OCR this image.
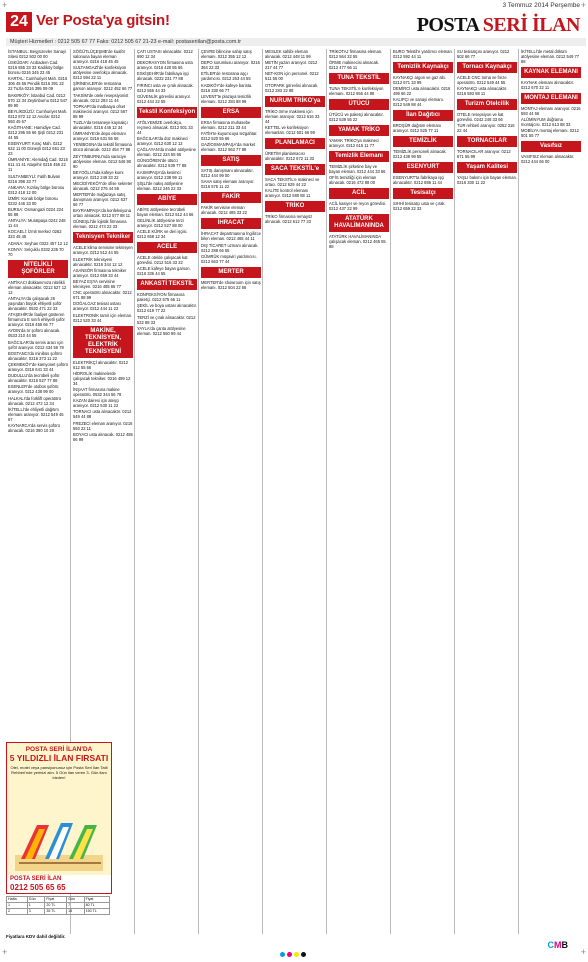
+	+
24 Ver Posta'ya gitsin!
3 Temmuz 2014 Perşembe
POSTA SERİ İLAN
Müşteri Hizmetleri : 0212 505 67 77 Faks: 0212 505 67 21-23 e-mail: postaseriilan@posta.com.tr

İSTANBUL: Beşyüzevler Sanayi Sitesi 0212 502 00 00

ÜSKÜDAR: Acıbadem Cad. 0216 555 33 33 Kadıköy bölge bürosu 0216 345 23 45

KARTAL: Cumhuriyet Mah. 0216 306 45 56 Pendik 0216 391 22 22 Tuzla 0216 395 09 09

BAKIRKÖY: İstanbul Cad. 0212 570 12 34 Zeytinburnu 0212 547 89 90

BEYLİKDÜZÜ: Cumhuriyet Mah. 0212 872 12 12 Avcılar 0212 593 45 67

KAĞITHANE: Hamidiye Cad. 0212 295 55 66 Şişli 0212 231 44 55

ESENYURT: Kıraç Mah. 0212 622 11 00 Güneşli 0212 651 23 23

ÜMRANİYE: Alemdağ Cad. 0216 611 41 41 Ataşehir 0216 456 22 11

SULTANBEYLİ: Fatih Bulvarı 0216 398 33 77

ANKARA: Kızılay bölge bürosu 0312 418 12 00

İZMİR: Konak bölge bürosu 0232 446 33 00

BURSA: Osmangazi 0224 224 55 88

ANTALYA: Muratpaşa 0242 248 11 44

KOCAELİ: İzmit merkez 0262 323 45 45

ADANA: Seyhan 0322 457 12 12

KONYA: Selçuklu 0332 235 70 70

NİTELİKLİ ŞOFÖRLER

ANTİKACI dükkanımıza nitelikli eleman alınacaktır. 0212 527 12 12

ANTALYA'da çalışacak 25 yaşından büyük ehliyetli şoför alınacaktır. 0532 471 22 33

ATAŞEHİR'de faaliyet gösteren firmamıza E sınıfı ehliyetli şoför aranıyor. 0216 455 66 77

AYDIN'da tır şoförü alınacak. 0533 210 44 55

BAĞCILAR'da servis aracı için şoför aranıyor. 0212 434 56 78

BOSTANCI'da minibüs şoförü alınacaktır. 0216 373 11 22

ÇEKMEKÖY'de kamyonet şoförü aranıyor. 0216 641 33 44

DUDULLU'da tecrübeli şoför alınacaktır. 0216 527 77 88

ESENLER'de otobüs şoförü aranıyor. 0212 438 99 00

HALKALI'da forklift operatörü alınacak. 0212 472 12 34

İKİTELLİ'de ehliyetli dağıtım elemanı aranıyor. 0212 549 45 67

KAYNARCA'da servis şoförü alınacak. 0216 390 10 20

SÖĞÜTLÜÇEŞME'de kuaför salonuna bayan eleman aranıyor. 0216 418 45 45

SULTANGAZİ'de konfeksiyon atölyesine overlokçu alınacak. 0212 594 22 11

ŞİRİNEVLER'de restorana garson aranıyor. 0212 452 66 77

TAKSİM'de otele resepsiyonist alınacak. 0212 293 11 44

TOPKAPI'da matbaaya ofset makinecisi aranıyor. 0212 567 88 99

TUZLA'da tersaneye kaynakçı alınacaktır. 0216 446 12 34

ÜMRANİYE'de depo elemanı aranıyor. 0216 631 55 66

YENİBOSNA'da tekstil firmasına ütücü alınacak. 0212 454 77 88

ZEYTİNBURNU'nda saraciye atölyesine eleman. 0212 546 90 90

BEYOĞLU'nda kafeye komi aranıyor. 0212 249 33 22

MECİDİYEKÖY'de ofise sekreter alınacak. 0212 275 44 55

MERTER'de mağazaya satış danışmanı aranıyor. 0212 637 66 77

BAYRAMPAŞA'da konfeksiyona ortacı alınacak. 0212 577 88 11

GÜNEŞLİ'de lojistik firmasına eleman. 0212 474 22 33

Teknisyen Tekniker

ACELE klima servisine teknisyen aranıyor. 0212 512 44 55

ELEKTRİK teknisyeni alınacaktır. 0216 344 12 12

ASANSÖR firmasına tekniker aranıyor. 0212 659 33 44

BEYAZ EŞYA servisine teknisyen. 0216 485 66 77

CNC operatörü alınacaktır. 0212 671 88 99

DOĞALGAZ tesisat ustası aranıyor. 0212 444 11 22

ELEKTRONİK tamir için eleman. 0212 520 33 44

MAKİNE, TEKNİSYEN, ELEKTRİK TEKNİSYENİ

ELEKTRİKÇİ alınacaktır. 0212 612 55 66

HİDROLİK makinelerde çalışacak tekniker. 0216 499 12 34

İNŞAAT firmasına makine operatörü. 0532 344 56 78

KAZAN dairesi için ateşçi aranıyor. 0212 530 11 22

TORNACI usta alınacaktır. 0212 549 44 88

FREZECİ eleman aranıyor. 0216 593 22 11

BOYACI usta alınacak. 0212 485 66 99

ÇATI USTASI alınacaktır. 0212 690 12 34

DEKORASYON firmasına usta aranıyor. 0216 420 55 66

ESKİŞEHİR'de fabrikaya işçi alınacak. 0222 231 77 88

FIRINCI usta ve çırak alınacak. 0212 556 44 33

GÜVENLİK görevlisi aranıyor. 0212 444 22 55

Tekstil Konfeksiyon

ATÖLYEMİZE overlokçu, reçmeci alınacak. 0212 501 33 44

BAĞCILAR'da düz makineci aranıyor. 0212 630 12 12

ÇAĞLAYAN'da model atölyesine eleman. 0212 224 55 66

GÜNGÖREN'de ütücü alınacaktır. 0212 539 77 88

KASIMPAŞA'da kesimci aranıyor. 0212 238 99 11

ŞİŞLİ'de nakış atölyesine eleman. 0212 246 22 33

ABİYE

ABİYE atölyesine tecrübeli bayan eleman. 0212 512 44 66

GELİNLİK atölyesine terzi aranıyor. 0212 527 88 00

ACELE KÜRK ve deri işçisi. 0212 658 12 34

ACELE

ACELE otelde çalışacak kat görevlisi. 0212 516 33 22

ACELE kafeye bayan garson. 0216 336 44 55

ANKASTİ TEKSTİL

KONFEKSİYON firmasına paketçi. 0212 575 66 11

ŞEKİL ve boya ustası alınacaktır. 0212 619 77 22

TERZİ ve çırak alınacaktır. 0212 522 88 33

YAYLA'da çanta atölyesine eleman. 0212 550 99 44

ÇEVRE bilincine sahip satış elemanı. 0212 355 12 12

DEPO sorumlusu aranıyor. 0216 364 22 33

ETİLER'de restorana aşçı yardımcısı. 0212 263 44 55

KADIKÖY'de kafeye barista. 0216 330 66 77

LEVENT'te plazaya temizlik elemanı. 0212 284 88 99

ERSA

ERSA firmasına muhasebe elemanı. 0212 211 33 44

FATİH'te kuyumcuya tezgahtar. 0212 520 55 66

GAZİOSMANPAŞA'da market elemanı. 0212 563 77 88

SATIŞ

SATIŞ danışmanı alınacaktır. 0212 444 99 00

SAHA satış elemanı aranıyor. 0216 575 11 22

FAKİR

FAKİR servisine eleman alınacak. 0212 485 33 22

İHRACAT

İHRACAT departmanına İngilizce bilen eleman. 0212 465 44 11

DIŞ TİCARET uzmanı alınacak. 0212 288 66 55

GÜMRÜK müşaviri yardımcısı. 0212 663 77 44

MERTER

MERTER'de showroom için satış elemanı. 0212 504 22 66

MESLEK sahibi eleman alınacak. 0212 448 11 99

METİN yazarı aranıyor. 0212 217 44 77

NET-KON için personel. 0212 611 55 00

OTOPARK görevlisi alınacak. 0212 283 22 88

NURUM TRİKO'ya

TRİKO örme makinesi için eleman aranıyor. 0212 616 33 44

KETTEL ve konfeksiyon elemanları. 0212 501 66 99

PLANLAMACI

ÜRETİM planlamacısı alınacaktır. 0212 672 11 33

SACA TEKSTİL'e

SACA TEKSTİL'e makineci ve ortacı. 0212 629 44 22

KALİTE kontrol elemanı aranıyor. 0212 580 88 11

TRİKO

TRİKO firmasına remayöz alınacak. 0212 612 77 33

TRİKOTAJ firmasına eleman. 0212 564 22 55

ÖRME makinecisi alınacak. 0212 477 66 11

TUNA TEKSTİL

TUNA TEKSTİL'e konfeksiyon elemanı. 0212 656 44 88

ÜTÜCÜ

ÜTÜCÜ ve paketçi alınacaktır. 0212 539 55 22

YAMAK TRİKO

YAMAK TRİKO'ya makineci aranıyor. 0212 615 11 77

Temizlik Elemanı

TEMİZLİK şirketine bay ve bayan eleman. 0212 444 33 66

OFİS temizliği için eleman alınacak. 0216 472 88 00

ACİL

ACİL kasiyer ve reyon görevlisi. 0212 437 22 99

ATATÜRK HAVALİMANINDA

ATATÜRK HAVALİMANINDA çalışacak eleman. 0212 465 55 88

BURO Tekstil'e yardımcı eleman. 0212 592 44 11

Temizlik Kaynakçı

KAYNAKÇI argon ve gaz altı. 0212 671 33 99

DEMİRCİ usta alınacaktır. 0216 499 66 22

KALIPÇI ve sanayi elemanı. 0212 549 88 44

İlan Dağıtıcı

BROŞÜR dağıtım elemanı aranıyor. 0212 525 77 11

TEMİZLİK

TEMİZLİK personeli alınacak. 0212 438 99 55

ESENYURT

ESENYURT'ta fabrikaya işçi alınacaktır. 0212 886 11 44

Tesisatçı

SIHHİ tesisatçı usta ve çırak. 0212 659 22 33

SU tesisatçısı aranıyor. 0212 502 66 77

Tornacı Kaynakçı

ACELE CNC torna ve freze operatörü. 0212 549 44 55

KAYNAKÇI usta alınacaktır. 0216 593 88 11

Turizm Otelcilik

OTELE resepsiyon ve kat görevlisi. 0242 248 33 66

TUR rehberi aranıyor. 0252 316 22 44

TORNACILAR

TORNACILAR aranıyor. 0212 671 55 99

Yaşam Kalitesi

YAŞLI bakımı için bayan eleman. 0216 330 11 22

İKİTELLİ'de metal döküm atölyesine eleman. 0212 549 77 88

KAYNAK ELEMANI

KAYNAK elemanı alınacaktır. 0212 670 22 11

MONTAJ ELEMANI

MONTAJ elemanı aranıyor. 0216 593 44 66

ALÜMİNYUM doğrama montajcısı. 0212 613 88 33

MOBİLYA montaj elemanı. 0212 501 55 77

Vasıfsız

VASIFSIZ eleman alınacaktır. 0212 444 66 00

POSTA SERİ İLAN'DA
5 YILDIZLI İLAN FIRSATI
Otel, motel veya pansiyonunuz için Posta Seri İlan Tatil Rehberi'nde yerinizi alın. 5 Gün ilan veren 3. Gün ilanı bizden!
POSTA SERİ İLAN
0212 505 65 65
Hafta	Gün	Fiyat	Gün	Fiyat
1	1	20 TL	7	80 TL
2	3	35 TL	15	150 TL
Fiyatlara KDV dahil değildir.
CMB
+	+
